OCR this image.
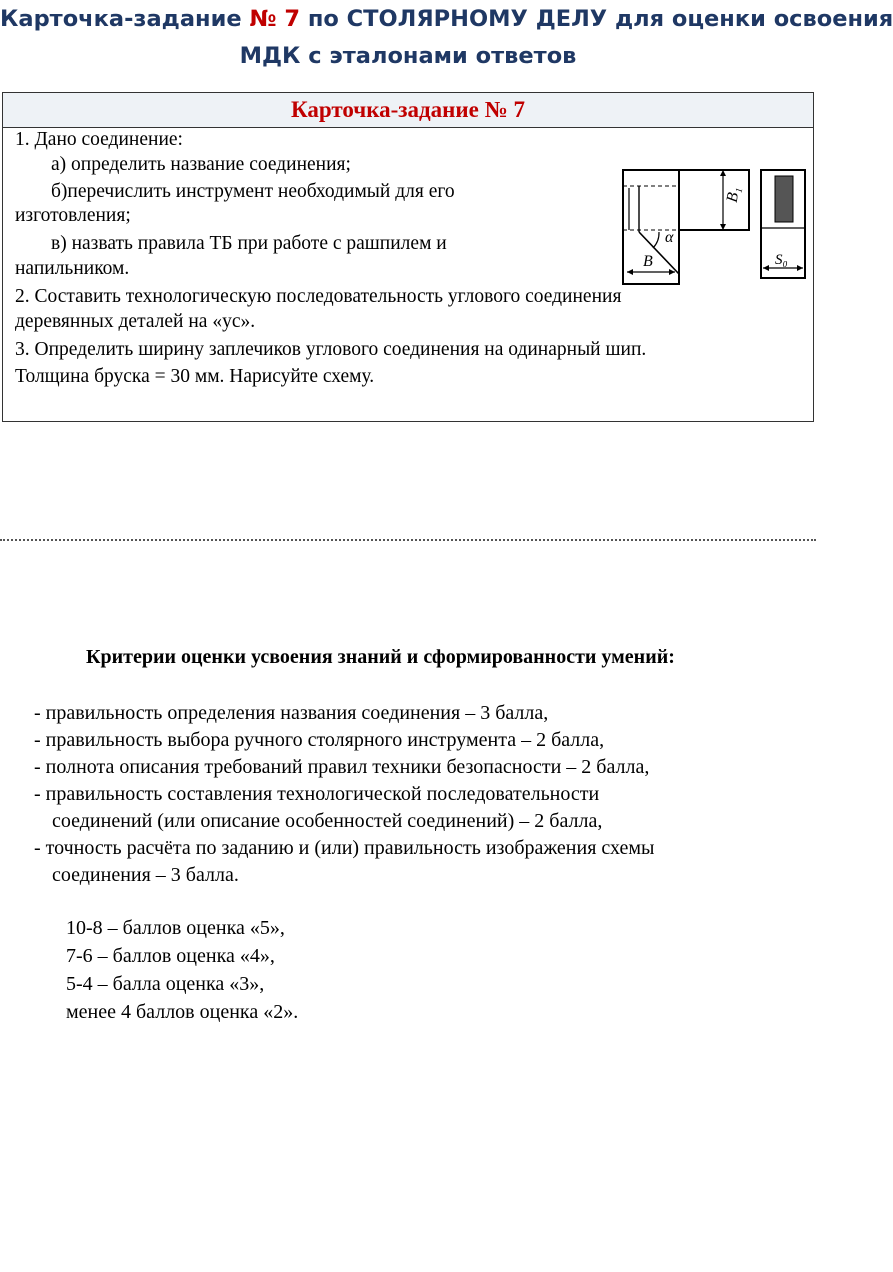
Карточка-задание № 7 по СТОЛЯРНОМУ ДЕЛУ для оценки освоения
МДК с эталонами ответов
Карточка-задание № 7
1. Дано соединение:
а) определить название соединения;
б)перечислить инструмент необходимый для его
изготовления;
в) назвать правила ТБ при работе с рашпилем и
напильником.
2. Составить технологическую последовательность углового соединения
деревянных деталей на «ус».
3. Определить ширину заплечиков углового соединения на одинарный шип.
Толщина бруска = 30 мм. Нарисуйте схему.
B₁
B
α
S₀
Критерии оценки усвоения знаний и сформированности умений:
- правильность определения названия соединения – 3 балла,
- правильность выбора ручного столярного инструмента – 2 балла,
- полнота описания требований правил техники безопасности – 2 балла,
- правильность составления технологической последовательности
соединений (или описание особенностей соединений) – 2 балла,
- точность расчёта по заданию и (или) правильность изображения схемы
соединения – 3 балла.
10-8 – баллов оценка «5»,
7-6 – баллов оценка «4»,
5-4 – балла оценка «3»,
менее 4 баллов оценка «2».
